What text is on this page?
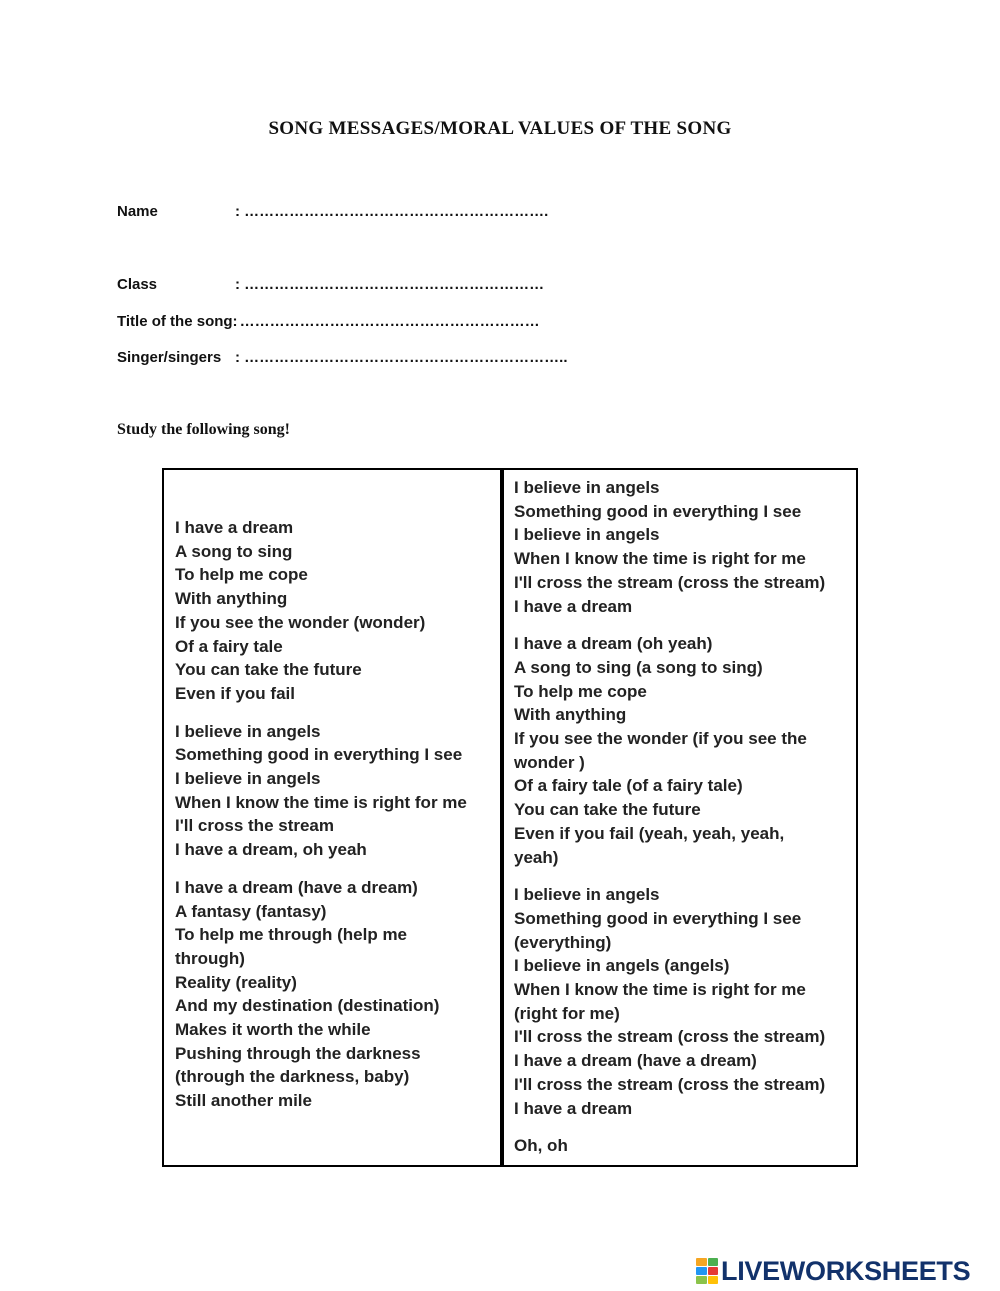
SONG MESSAGES/MORAL VALUES OF THE SONG
Name	: …………………………………………………….
Class	: ……………………………………………………
Title of the song: ……………………………………………………
Singer/singers : ………………………………………………………..
Study the following song!
I have a dream
A song to sing
To help me cope
With anything
If you see the wonder (wonder)
Of a fairy tale
You can take the future
Even if you fail
I believe in angels
Something good in everything I see
I believe in angels
When I know the time is right for me
I'll cross the stream
I have a dream, oh yeah
I have a dream (have a dream)
A fantasy (fantasy)
To help me through (help me
through)
Reality (reality)
And my destination (destination)
Makes it worth the while
Pushing through the darkness
(through the darkness, baby)
Still another mile
I believe in angels
Something good in everything I see
I believe in angels
When I know the time is right for me
I'll cross the stream (cross the stream)
I have a dream
I have a dream (oh yeah)
A song to sing (a song to sing)
To help me cope
With anything
If you see the wonder (if you see the
wonder )
Of a fairy tale (of a fairy tale)
You can take the future
Even if you fail (yeah, yeah, yeah,
yeah)
I believe in angels
Something good in everything I see
(everything)
I believe in angels (angels)
When I know the time is right for me
(right for me)
I'll cross the stream (cross the stream)
I have a dream (have a dream)
I'll cross the stream (cross the stream)
I have a dream
Oh, oh
LIVEWORKSHEETS
